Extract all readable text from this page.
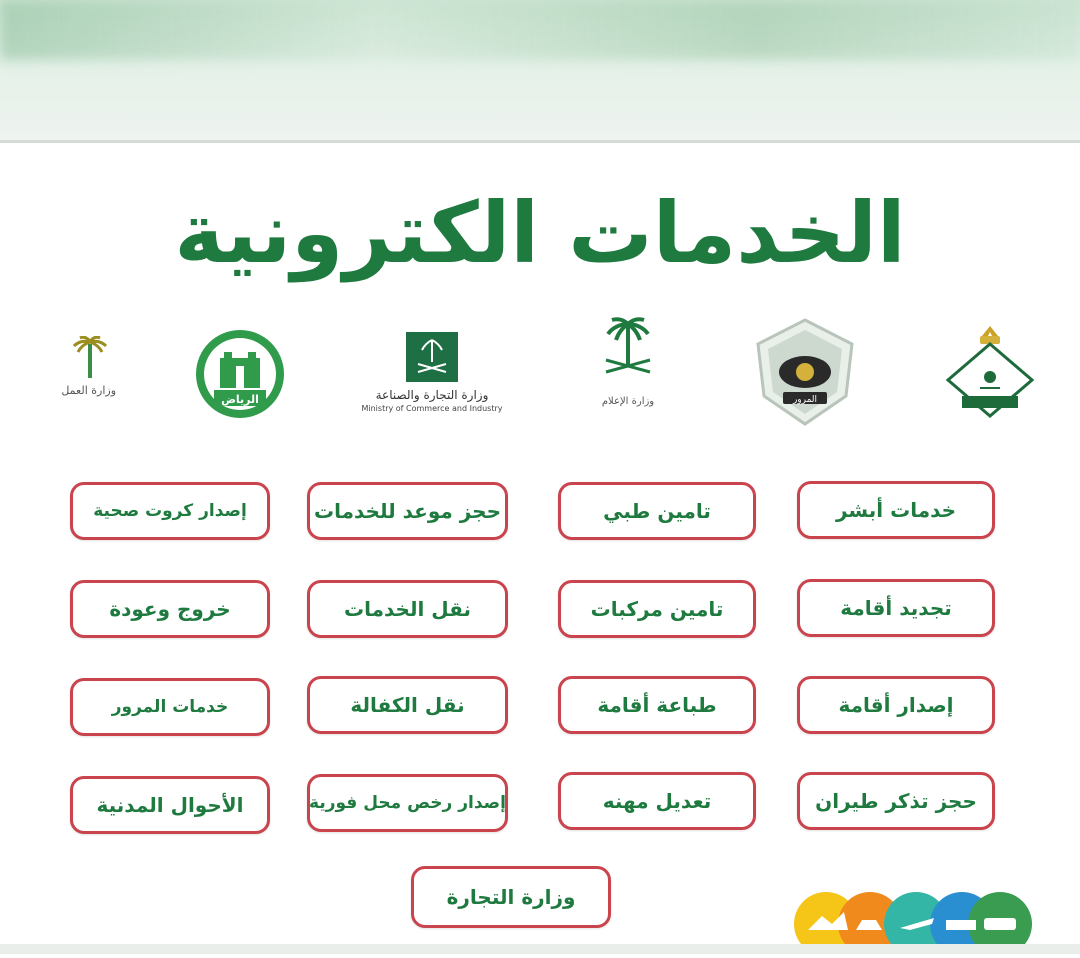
الخدمات الكترونية
المرور
وزارة الإعلام
وزارة التجارة والصناعة
Ministry of Commerce and Industry
الرياض
وزارة العمل
خدمات أبشر
تجديد أقامة
إصدار أقامة
حجز تذكر طيران
تامين طبي
تامين مركبات
طباعة أقامة
تعديل مهنه
حجز موعد للخدمات
نقل الخدمات
نقل الكفالة
إصدار رخص محل فورية
إصدار كروت صحية
خروج وعودة
خدمات المرور
الأحوال المدنية
وزارة التجارة
